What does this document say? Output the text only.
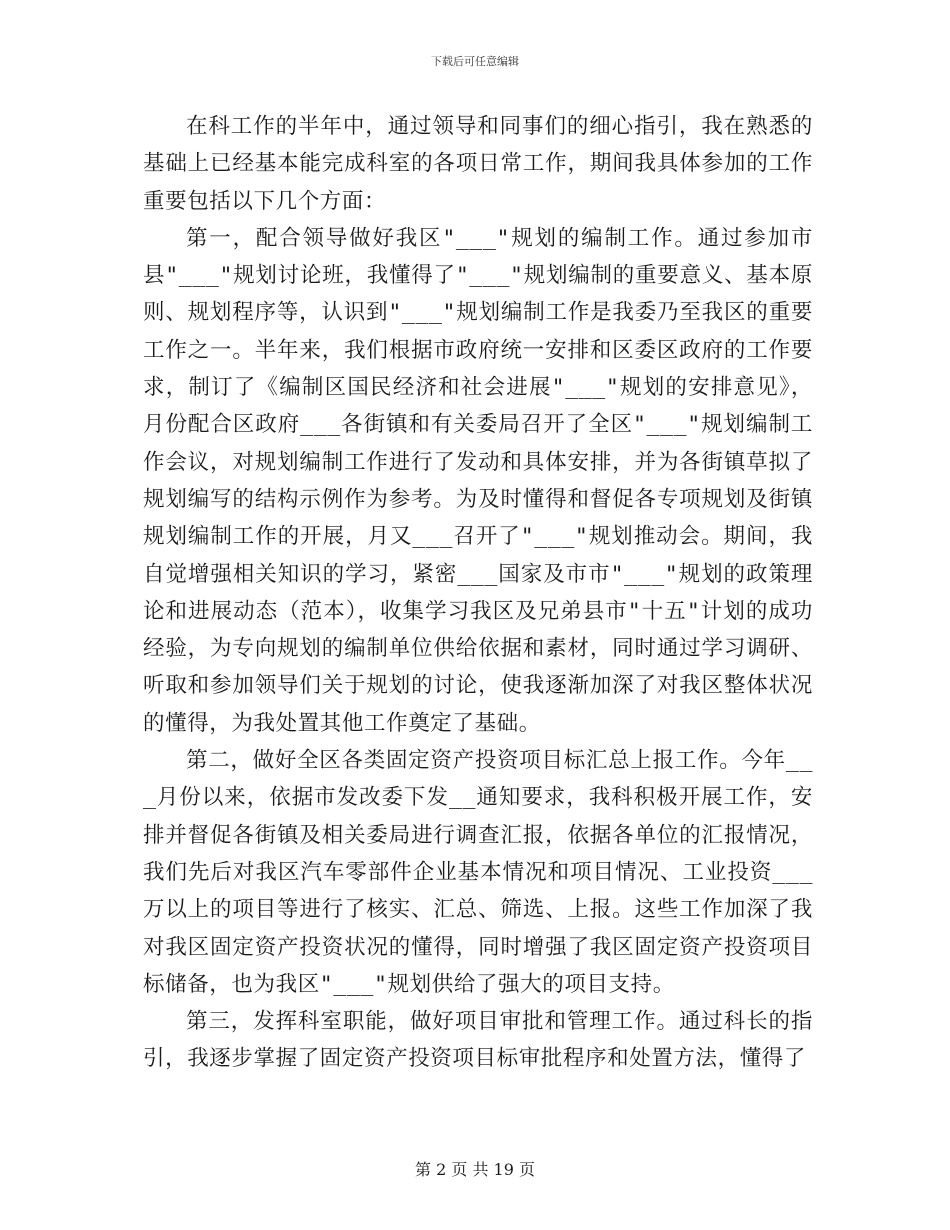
下载后可任意编辑

在科工作的半年中，通过领导和同事们的细心指引，我在熟悉的基础上已经基本能完成科室的各项日常工作，期间我具体参加的工作重要包括以下几个方面：

第一，配合领导做好我区"___"规划的编制工作。通过参加市县"___"规划讨论班，我懂得了"___"规划编制的重要意义、基本原则、规划程序等，认识到"___"规划编制工作是我委乃至我区的重要工作之一。半年来，我们根据市政府统一安排和区委区政府的工作要求，制订了《编制区国民经济和社会进展"___"规划的安排意见》，月份配合区政府___各街镇和有关委局召开了全区"___"规划编制工作会议，对规划编制工作进行了发动和具体安排，并为各街镇草拟了规划编写的结构示例作为参考。为及时懂得和督促各专项规划及街镇规划编制工作的开展，月又___召开了"___"规划推动会。期间，我自觉增强相关知识的学习，紧密___国家及市市"___"规划的政策理论和进展动态（范本），收集学习我区及兄弟县市"十五"计划的成功经验，为专向规划的编制单位供给依据和素材，同时通过学习调研、听取和参加领导们关于规划的讨论，使我逐渐加深了对我区整体状况的懂得，为我处置其他工作奠定了基础。

第二，做好全区各类固定资产投资项目标汇总上报工作。今年___月份以来，依据市发改委下发__通知要求，我科积极开展工作，安排并督促各街镇及相关委局进行调查汇报，依据各单位的汇报情况，我们先后对我区汽车零部件企业基本情况和项目情况、工业投资___万以上的项目等进行了核实、汇总、筛选、上报。这些工作加深了我对我区固定资产投资状况的懂得，同时增强了我区固定资产投资项目标储备，也为我区"___"规划供给了强大的项目支持。

第三，发挥科室职能，做好项目审批和管理工作。通过科长的指引，我逐步掌握了固定资产投资项目标审批程序和处置方法，懂得了

第 2 页 共 19 页
